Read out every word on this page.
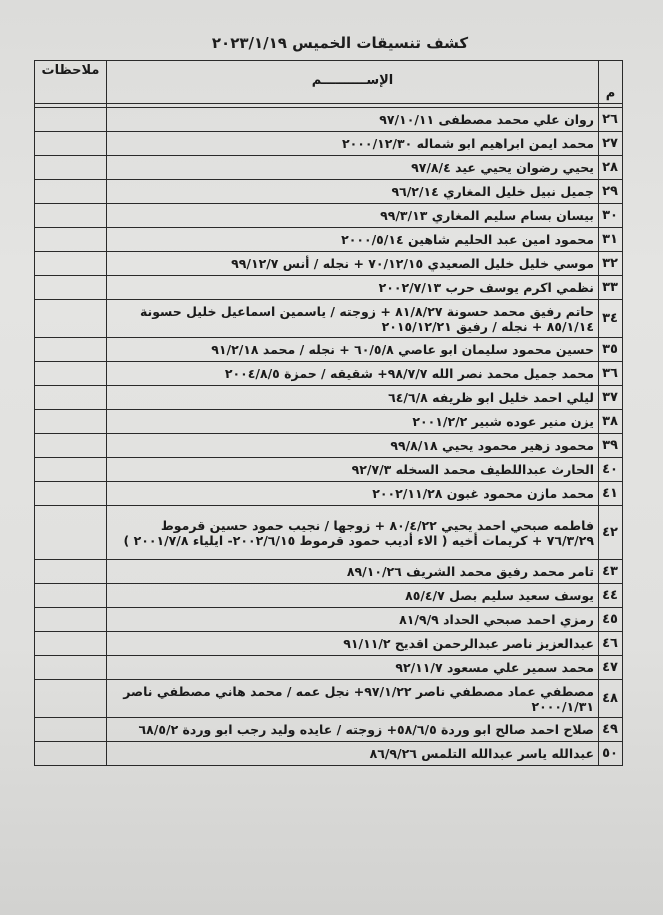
كشف تنسيقات الخميس ٢٠٢٣/١/١٩
م	الإســــــــــم	ملاحظات

٢٦	روان علي محمد مصطفى ٩٧/١٠/١١	
٢٧	محمد ايمن ابراهيم ابو شماله ٢٠٠٠/١٢/٣٠	
٢٨	يحيي رضوان يحيي عيد ٩٧/٨/٤	
٢٩	جميل نبيل خليل المغاري ٩٦/٢/١٤	
٣٠	بيسان بسام سليم المغاري ٩٩/٣/١٣	
٣١	محمود امين عبد الحليم شاهين ٢٠٠٠/٥/١٤	
٣٢	موسي خليل خليل الصعيدي ٧٠/١٢/١٥ + نجله / أنس ٩٩/١٢/٧	
٣٣	نظمي اكرم يوسف حرب ٢٠٠٢/٧/١٣	
٣٤	حاتم رفيق محمد حسونة ٨١/٨/٢٧ + زوجته / ياسمين اسماعيل خليل حسونة ٨٥/١/١٤ + نجله / رفيق ٢٠١٥/١٢/٢١	
٣٥	حسين محمود سليمان ابو عاصي ٦٠/٥/٨ + نجله / محمد ٩١/٢/١٨	
٣٦	محمد جميل محمد نصر الله ٩٨/٧/٧+ شقيقه / حمزة ٢٠٠٤/٨/٥	
٣٧	ليلي احمد خليل ابو ظريفه ٦٤/٦/٨	
٣٨	يزن منير عوده شبير ٢٠٠١/٢/٢	
٣٩	محمود زهير محمود يحيي ٩٩/٨/١٨	
٤٠	الحارث عبداللطيف محمد السخله ٩٢/٧/٣	
٤١	محمد مازن محمود غبون ٢٠٠٢/١١/٢٨	
٤٢	فاطمه صبحي احمد يحيي ٨٠/٤/٢٢ + زوجها / نجيب حمود حسين قرموط ٧٦/٣/٢٩ + كريمات أخيه ( الاء أديب حمود قرموط ٢٠٠٢/٦/١٥- ايلياء ٢٠٠١/٧/٨ )	
٤٣	تامر محمد رفيق محمد الشريف ٨٩/١٠/٢٦	
٤٤	يوسف سعيد سليم بصل ٨٥/٤/٧	
٤٥	رمزي احمد صبحي الحداد ٨١/٩/٩	
٤٦	عبدالعزيز ناصر عبدالرحمن اقديح ٩١/١١/٢	
٤٧	محمد سمير علي مسعود ٩٢/١١/٧	
٤٨	مصطفي عماد مصطفي ناصر ٩٧/١/٢٢+ نجل عمه / محمد هاني مصطفي ناصر ٢٠٠٠/١/٣١	
٤٩	صلاح احمد صالح ابو وردة ٥٨/٦/٥+ زوجته / عايده وليد رجب ابو وردة ٦٨/٥/٢	
٥٠	عبدالله ياسر عبدالله التلمس ٨٦/٩/٢٦	
